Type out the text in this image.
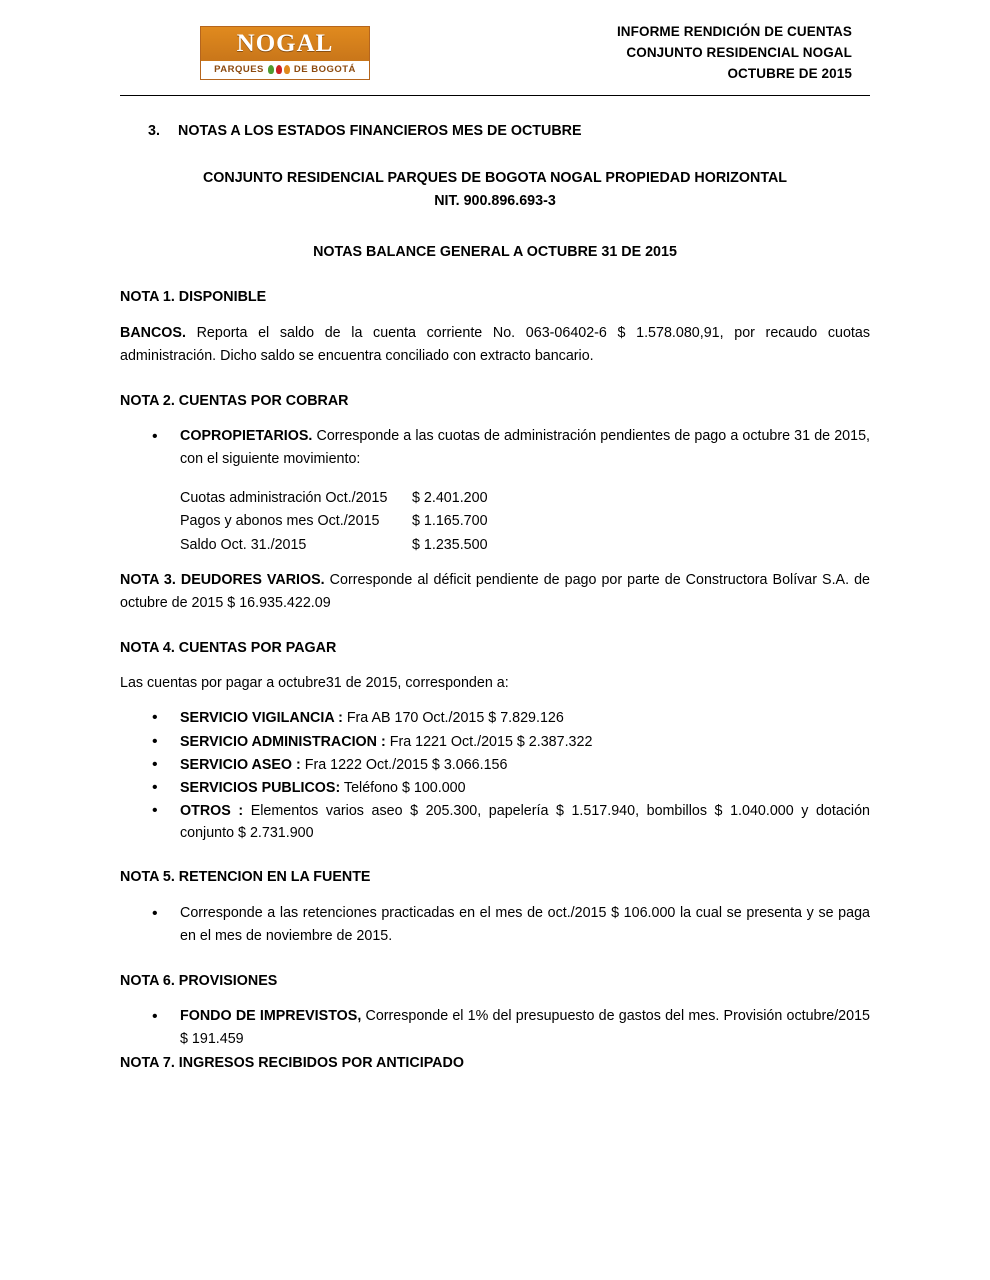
NOGAL
PARQUES	DE BOGOTÁ
INFORME RENDICIÓN DE CUENTAS
CONJUNTO RESIDENCIAL NOGAL
OCTUBRE DE 2015

3. NOTAS A LOS ESTADOS FINANCIEROS MES DE OCTUBRE

CONJUNTO RESIDENCIAL PARQUES DE BOGOTA NOGAL PROPIEDAD HORIZONTAL

NIT. 900.896.693-3

NOTAS BALANCE GENERAL A OCTUBRE 31 DE 2015

NOTA 1. DISPONIBLE

BANCOS. Reporta el saldo de la cuenta corriente No. 063-06402-6 $ 1.578.080,91, por recaudo cuotas administración. Dicho saldo se encuentra conciliado con extracto bancario.

NOTA 2. CUENTAS POR COBRAR

• COPROPIETARIOS. Corresponde a las cuotas de administración pendientes de pago a octubre 31 de 2015, con el siguiente movimiento:
Cuotas administración Oct./2015	$ 2.401.200
Pagos y abonos mes Oct./2015	$ 1.165.700
Saldo Oct. 31./2015	$ 1.235.500

NOTA 3. DEUDORES VARIOS. Corresponde al déficit pendiente de pago por parte de Constructora Bolívar S.A. de octubre de 2015 $ 16.935.422.09

NOTA 4. CUENTAS POR PAGAR

Las cuentas por pagar a octubre31 de 2015, corresponden a:

• SERVICIO VIGILANCIA : Fra AB 170 Oct./2015 $ 7.829.126
• SERVICIO ADMINISTRACION : Fra 1221 Oct./2015 $ 2.387.322
• SERVICIO ASEO : Fra 1222 Oct./2015 $ 3.066.156
• SERVICIOS PUBLICOS: Teléfono $ 100.000
• OTROS : Elementos varios aseo $ 205.300, papelería $ 1.517.940, bombillos $ 1.040.000 y dotación conjunto $ 2.731.900

NOTA 5. RETENCION EN LA FUENTE

• Corresponde a las retenciones practicadas en el mes de oct./2015 $ 106.000 la cual se presenta y se paga en el mes de noviembre de 2015.

NOTA 6. PROVISIONES

• FONDO DE IMPREVISTOS, Corresponde el 1% del presupuesto de gastos del mes. Provisión octubre/2015 $ 191.459

NOTA 7. INGRESOS RECIBIDOS POR ANTICIPADO
